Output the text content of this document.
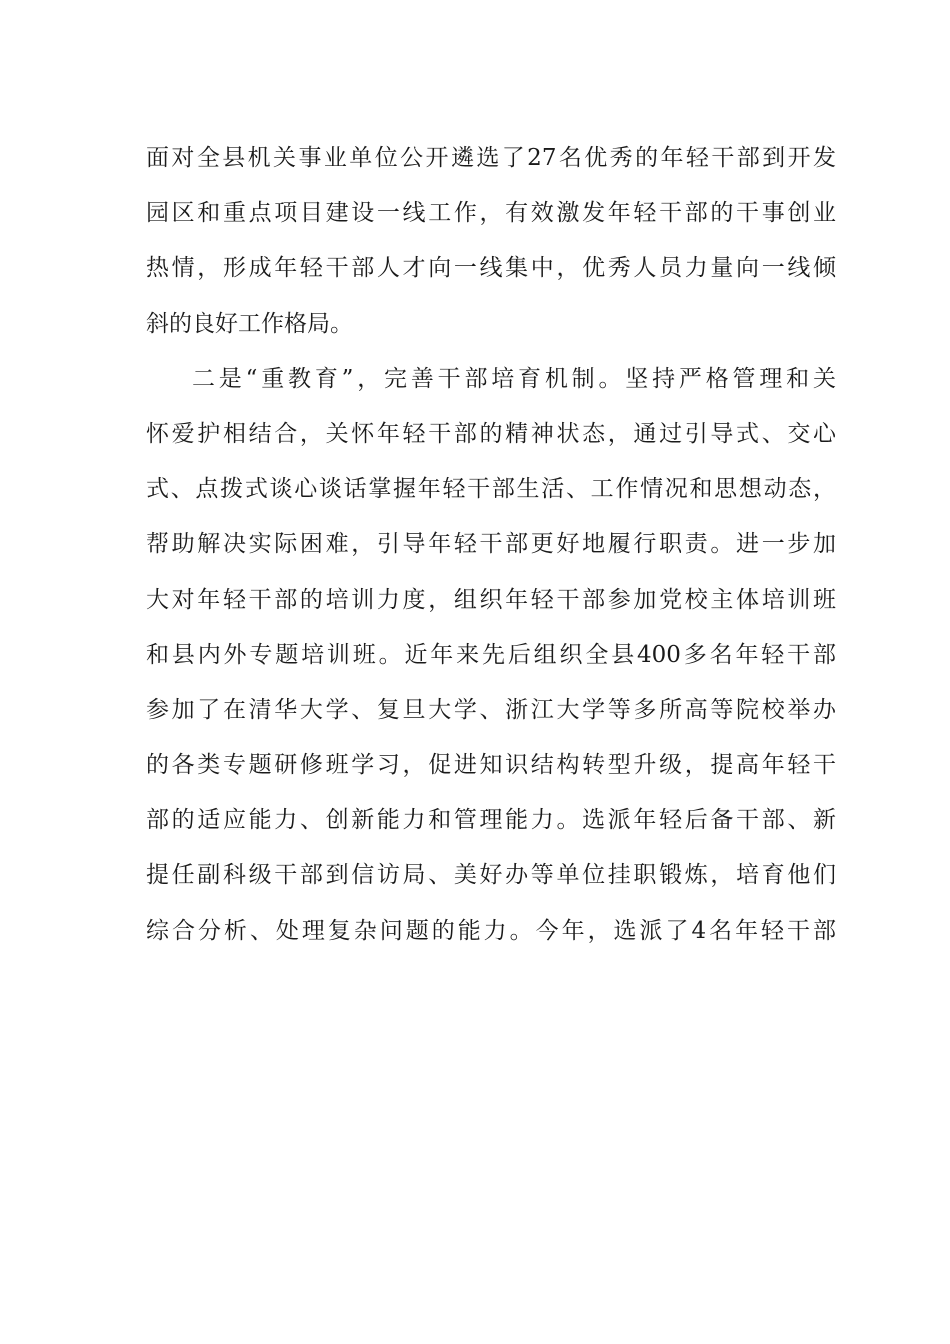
面对全县机关事业单位公开遴选了27名优秀的年轻干部到开发
园区和重点项目建设一线工作，有效激发年轻干部的干事创业
热情，形成年轻干部人才向一线集中，优秀人员力量向一线倾
斜的良好工作格局。
二是“重教育”，完善干部培育机制。坚持严格管理和关
怀爱护相结合，关怀年轻干部的精神状态，通过引导式、交心
式、点拨式谈心谈话掌握年轻干部生活、工作情况和思想动态，
帮助解决实际困难，引导年轻干部更好地履行职责。进一步加
大对年轻干部的培训力度，组织年轻干部参加党校主体培训班
和县内外专题培训班。近年来先后组织全县400多名年轻干部
参加了在清华大学、复旦大学、浙江大学等多所高等院校举办
的各类专题研修班学习，促进知识结构转型升级，提高年轻干
部的适应能力、创新能力和管理能力。选派年轻后备干部、新
提任副科级干部到信访局、美好办等单位挂职锻炼，培育他们
综合分析、处理复杂问题的能力。今年，选派了4名年轻干部
